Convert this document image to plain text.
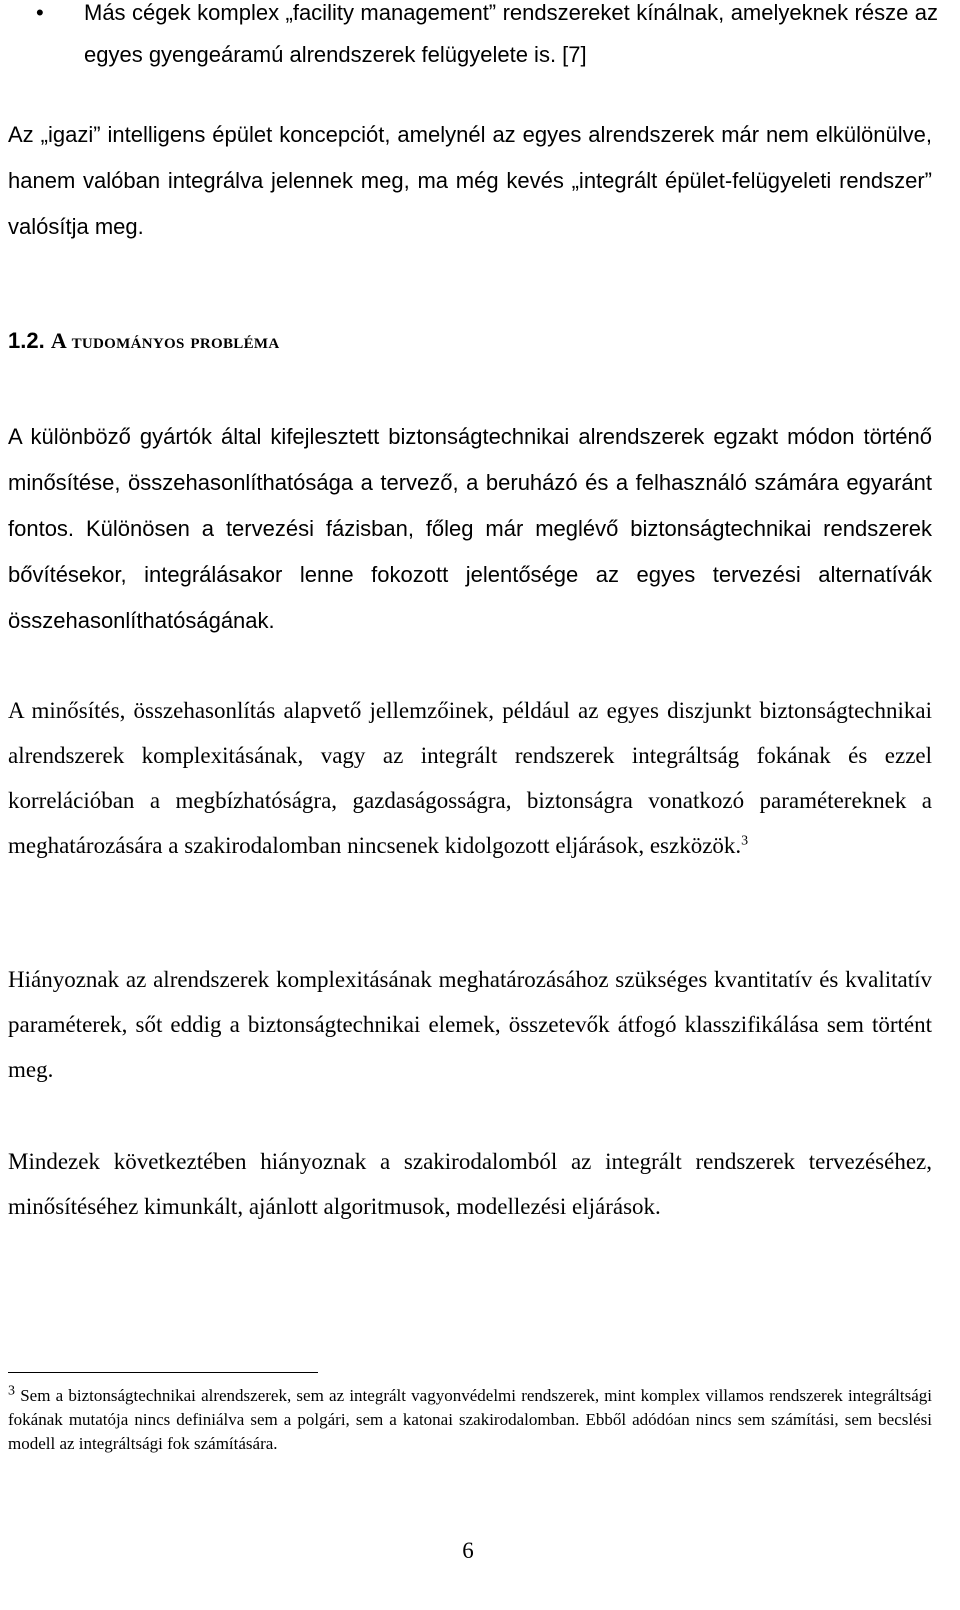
• Más cégek komplex „facility management” rendszereket kínálnak, amelyeknek része az egyes gyengeáramú alrendszerek felügyelete is. [7]
Az „igazi” intelligens épület koncepciót, amelynél az egyes alrendszerek már nem elkülönülve, hanem valóban integrálva jelennek meg, ma még kevés „integrált épület-felügyeleti rendszer” valósítja meg.
1.2. A tudományos probléma
A különböző gyártók által kifejlesztett biztonságtechnikai alrendszerek egzakt módon történő minősítése, összehasonlíthatósága a tervező, a beruházó és a felhasználó számára egyaránt fontos. Különösen a tervezési fázisban, főleg már meglévő biztonságtechnikai rendszerek bővítésekor, integrálásakor lenne fokozott jelentősége az egyes tervezési alternatívák összehasonlíthatóságának.
A minősítés, összehasonlítás alapvető jellemzőinek, például az egyes diszjunkt biztonságtechnikai alrendszerek komplexitásának, vagy az integrált rendszerek integráltság fokának és ezzel korrelációban a megbízhatóságra, gazdaságosságra, biztonságra vonatkozó paramétereknek a meghatározására a szakirodalomban nincsenek kidolgozott eljárások, eszközök.$^3$
Hiányoznak az alrendszerek komplexitásának meghatározásához szükséges kvantitatív és kvalitatív paraméterek, sőt eddig a biztonságtechnikai elemek, összetevők átfogó klasszifikálása sem történt meg.
Mindezek következtében hiányoznak a szakirodalomból az integrált rendszerek tervezéséhez, minősítéséhez kimunkált, ajánlott algoritmusok, modellezési eljárások.
$^3$ Sem a biztonságtechnikai alrendszerek, sem az integrált vagyonvédelmi rendszerek, mint komplex villamos rendszerek integráltsági fokának mutatója nincs definiálva sem a polgári, sem a katonai szakirodalomban. Ebből adódóan nincs sem számítási, sem becslési modell az integráltsági fok számítására.
6
